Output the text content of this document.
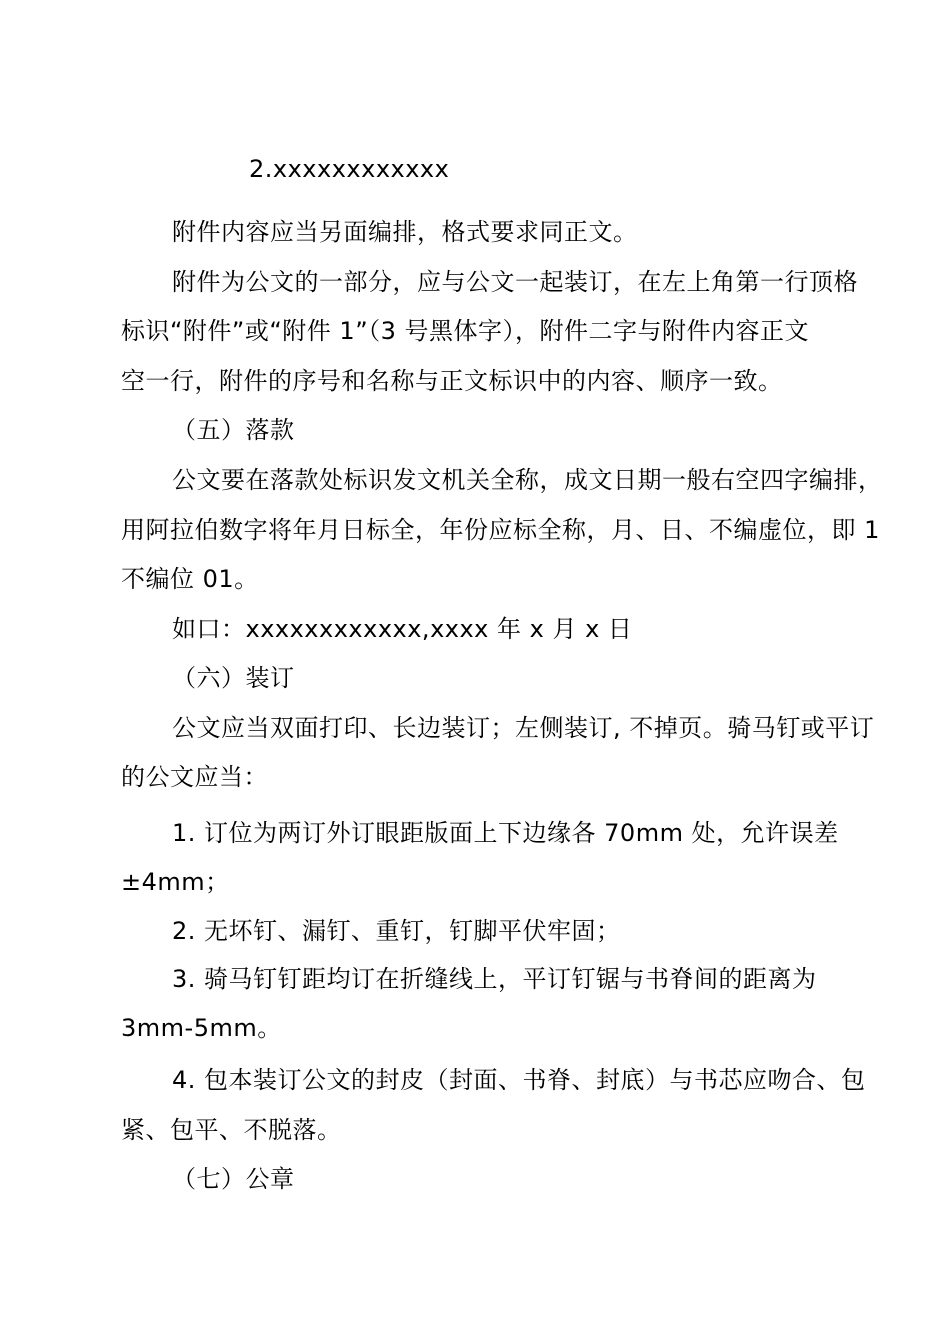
2.xxxxxxxxxxxx
附件内容应当另面编排，格式要求同正文。
附件为公文的一部分，应与公文一起装订，在左上角第一行顶格
标识“附件”或“附件 1”（3 号黑体字），附件二字与附件内容正文
空一行，附件的序号和名称与正文标识中的内容、顺序一致。
（五）落款
公文要在落款处标识发文机关全称，成文日期一般右空四字编排，
用阿拉伯数字将年月日标全，年份应标全称，月、日、不编虚位，即 1
不编位 01。
如口：xxxxxxxxxxxx,xxxx 年 x 月 x 日
（六）装订
公文应当双面打印、长边装订；左侧装订, 不掉页。骑马钉或平订
的公文应当：
1. 订位为两订外订眼距版面上下边缘各 70mm 处，允许误差
±4mm；
2. 无坏钉、漏钉、重钉，钉脚平伏牢固；
3. 骑马钉钉距均订在折缝线上，平订钉锯与书脊间的距离为
3mm-5mm。
4. 包本装订公文的封皮（封面、书脊、封底）与书芯应吻合、包
紧、包平、不脱落。
（七）公章
